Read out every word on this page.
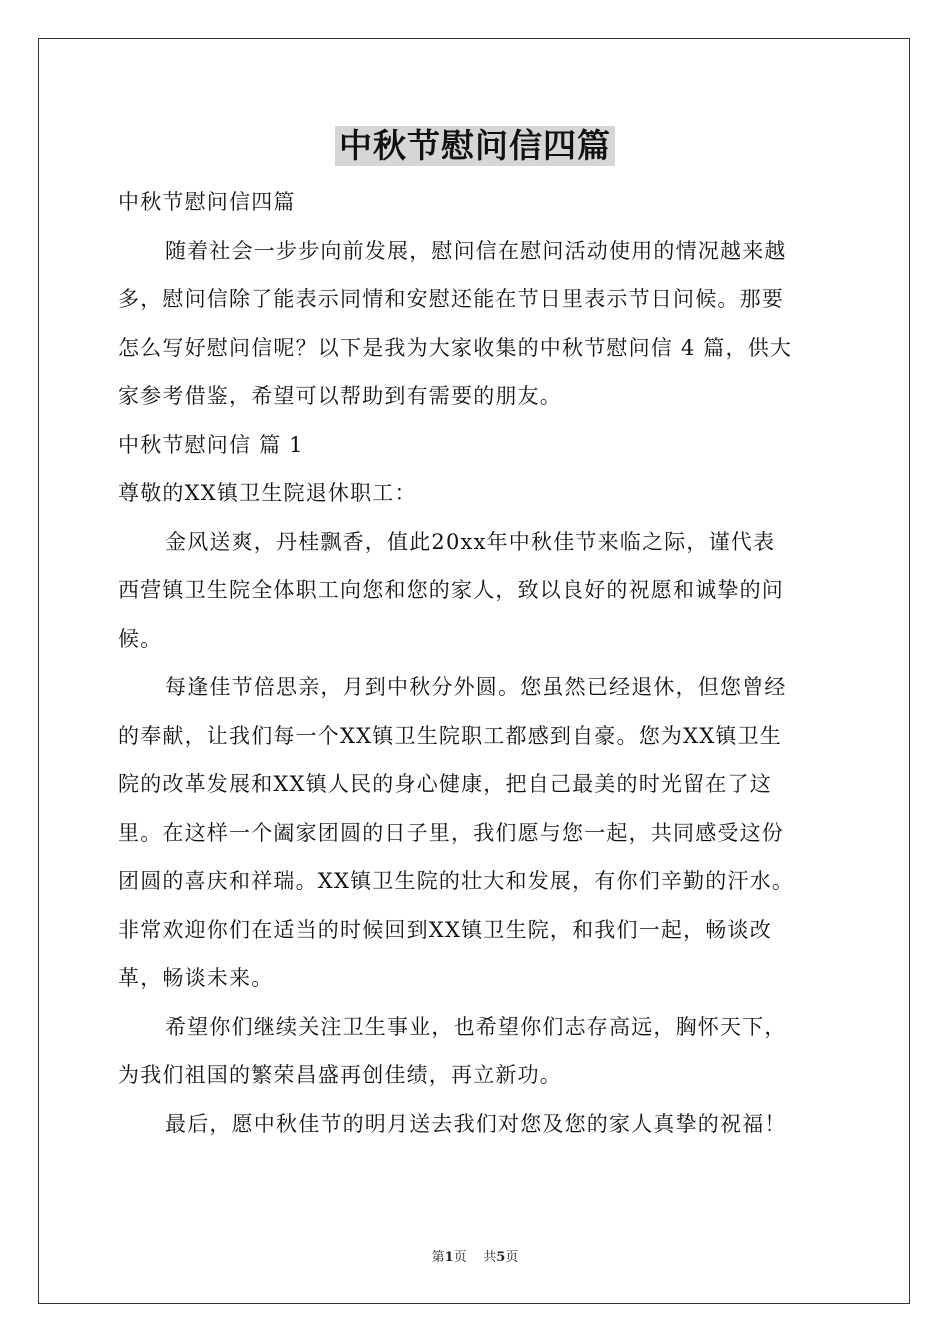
中秋节慰问信四篇
中秋节慰问信四篇
随着社会一步步向前发展，慰问信在慰问活动使用的情况越来越
多，慰问信除了能表示同情和安慰还能在节日里表示节日问候。那要
怎么写好慰问信呢？以下是我为大家收集的中秋节慰问信 4 篇，供大
家参考借鉴，希望可以帮助到有需要的朋友。
中秋节慰问信 篇 1
尊敬的XX镇卫生院退休职工：
金风送爽，丹桂飘香，值此20xx年中秋佳节来临之际，谨代表
西营镇卫生院全体职工向您和您的家人，致以良好的祝愿和诚挚的问
候。
每逢佳节倍思亲，月到中秋分外圆。您虽然已经退休，但您曾经
的奉献，让我们每一个XX镇卫生院职工都感到自豪。您为XX镇卫生
院的改革发展和XX镇人民的身心健康，把自己最美的时光留在了这
里。在这样一个阖家团圆的日子里，我们愿与您一起，共同感受这份
团圆的喜庆和祥瑞。XX镇卫生院的壮大和发展，有你们辛勤的汗水。
非常欢迎你们在适当的时候回到XX镇卫生院，和我们一起，畅谈改
革，畅谈未来。
希望你们继续关注卫生事业，也希望你们志存高远，胸怀天下，
为我们祖国的繁荣昌盛再创佳绩，再立新功。
最后，愿中秋佳节的明月送去我们对您及您的家人真挚的祝福！
第1页 共5页
